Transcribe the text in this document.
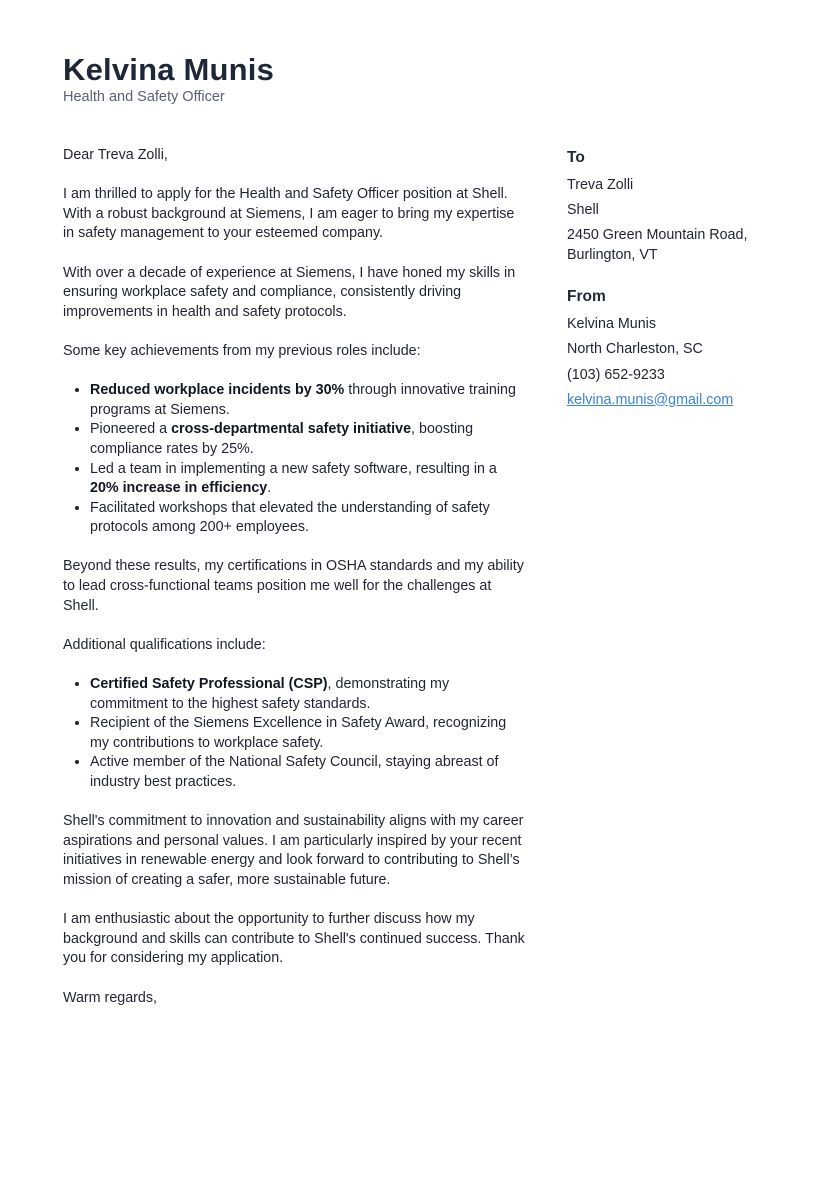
Kelvina Munis

Health and Safety Officer

Dear Treva Zolli,

I am thrilled to apply for the Health and Safety Officer position at Shell. With a robust background at Siemens, I am eager to bring my expertise in safety management to your esteemed company.

With over a decade of experience at Siemens, I have honed my skills in ensuring workplace safety and compliance, consistently driving improvements in health and safety protocols.

Some key achievements from my previous roles include:

• Reduced workplace incidents by 30% through innovative training programs at Siemens.
• Pioneered a cross-departmental safety initiative, boosting compliance rates by 25%.
• Led a team in implementing a new safety software, resulting in a 20% increase in efficiency.
• Facilitated workshops that elevated the understanding of safety protocols among 200+ employees.

Beyond these results, my certifications in OSHA standards and my ability to lead cross-functional teams position me well for the challenges at Shell.

Additional qualifications include:

• Certified Safety Professional (CSP), demonstrating my commitment to the highest safety standards.
• Recipient of the Siemens Excellence in Safety Award, recognizing my contributions to workplace safety.
• Active member of the National Safety Council, staying abreast of industry best practices.

Shell's commitment to innovation and sustainability aligns with my career aspirations and personal values. I am particularly inspired by your recent initiatives in renewable energy and look forward to contributing to Shell’s mission of creating a safer, more sustainable future.

I am enthusiastic about the opportunity to further discuss how my background and skills can contribute to Shell's continued success. Thank you for considering my application.

Warm regards,

To
Treva Zolli
Shell
2450 Green Mountain Road, Burlington, VT
From
Kelvina Munis
North Charleston, SC
(103) 652-9233
kelvina.munis@gmail.com
